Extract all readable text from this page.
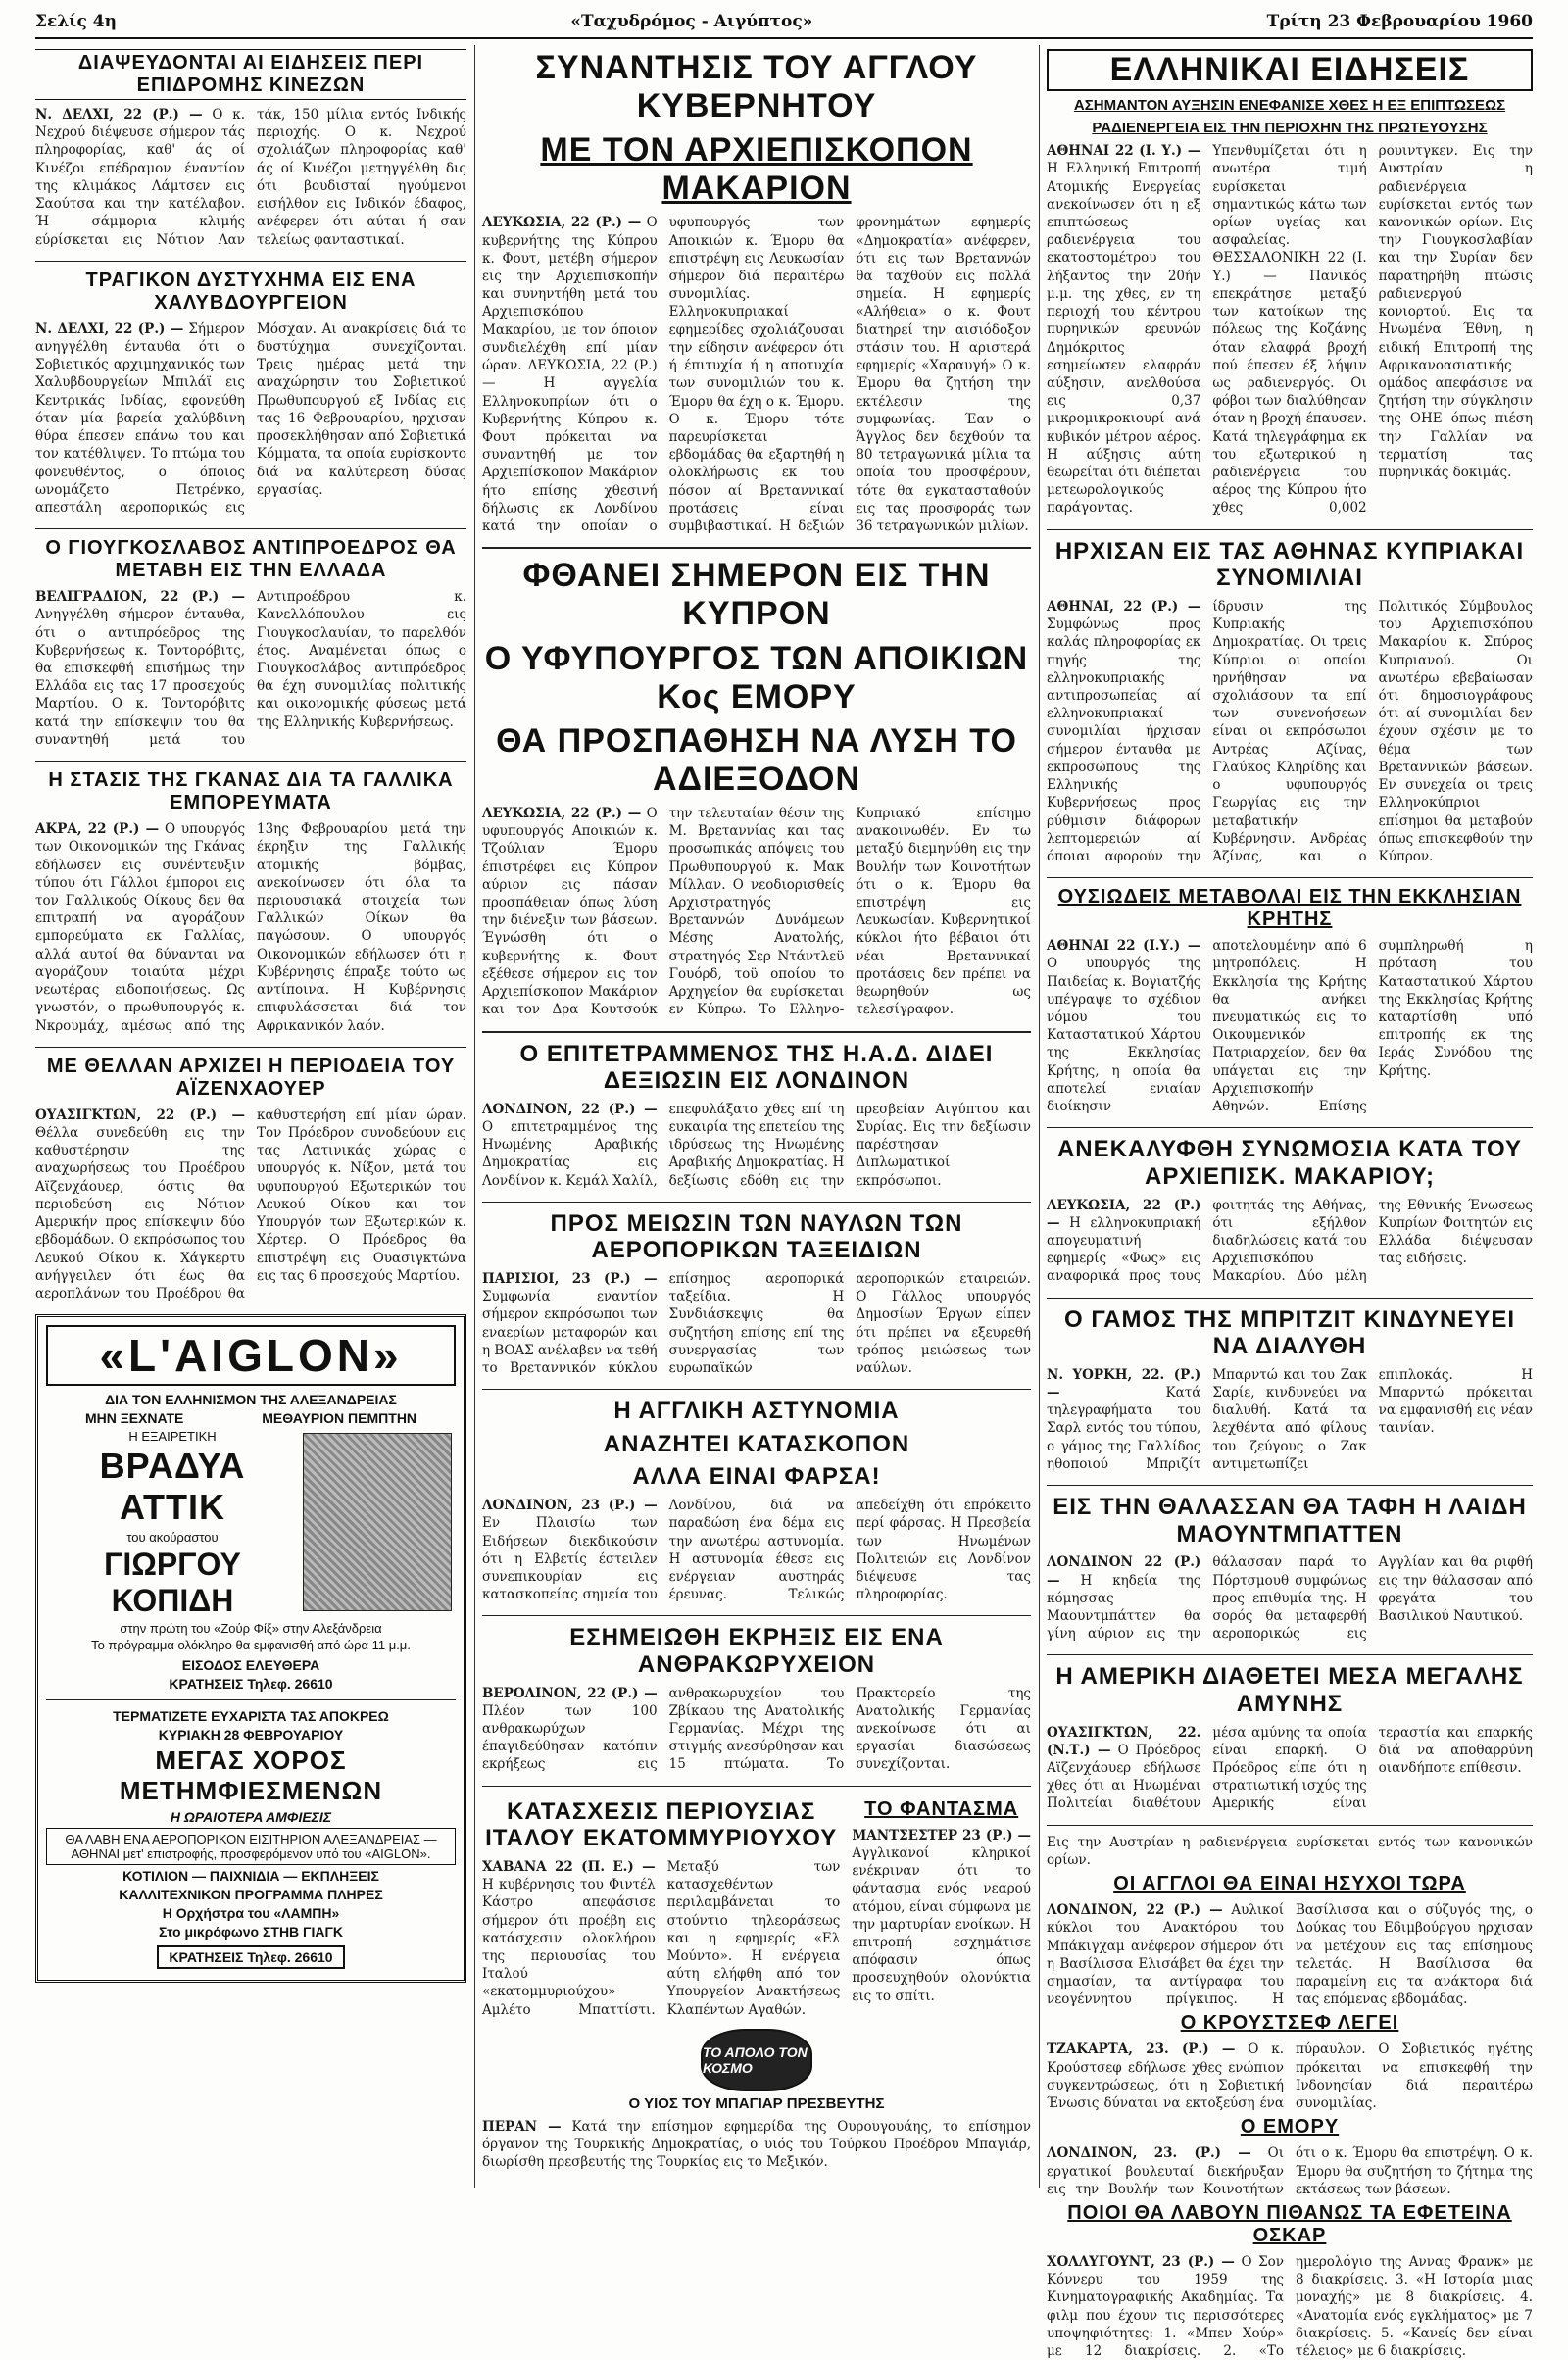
Σελίς 4η	«Ταχυδρόμος - Αιγύπτος»	Τρίτη 23 Φεβρουαρίου 1960
ΔΙΑΨΕΥΔΟΝΤΑΙ ΑΙ ΕΙΔΗΣΕΙΣ ΠΕΡΙ ΕΠΙΔΡΟΜΗΣ ΚΙΝΕΖΩΝ
Ν. ΔΕΛΧΙ, 22 (Ρ.) — Ο κ. Νεχρού διέψευσε σήμερον τάς πληροφορίας, καθ' άς οί Κινέζοι επέδραμον έναντίον της κλιμάκος Λάμτσεν εις Σαούτσα και την κατέλαβον. Ή σάμμορια κλιμής εύρίσκεται εις Νότιον Λαν τάκ, 150 μίλια εντός Ινδικής περιοχής. Ο κ. Νεχρού σχολιάζων πληροφορίας καθ' άς οί Κινέζοι μετηγγέλθη δις ότι βουδισταί ηγούμενοι εισήλθον εις Ινδικόν έδαφος, ανέφερεν ότι αύται ή σαν τελείως φανταστικαί.
ΤΡΑΓΙΚΟΝ ΔΥΣΤΥΧΗΜΑ ΕΙΣ ΕΝΑ ΧΑΛΥΒΔΟΥΡΓΕΙΟΝ
Ν. ΔΕΛΧΙ, 22 (Ρ.) — Σήμερον ανηγγέλθη ένταυθα ότι ο Σοβιετικός αρχιμηχανικός των Χαλυβδουργείων Μπιλάϊ εις Κεντρικάς Ινδίας, εφονεύθη όταν μία βαρεία χαλύβδινη θύρα έπεσεν επάνω του και τον κατέθλιψεν. Το πτώμα του φονευθέντος, ο όποιος ωνομάζετο Πετρένκο, απεστάλη αεροπορικώς εις Μόσχαν. Αι ανακρίσεις διά το δυστύχημα συνεχίζονται. Τρεις ημέρας μετά την αναχώρησιν του Σοβιετικού Πρωθυπουργού εξ Ινδίας εις τας 16 Φεβρουαρίου, ηρχισαν προσεκλήθησαν από Σοβιετικά Κόμματα, τα οποία ευρίσκοντο διά να καλύτερεση δύσας εργασίας.
Ο ΓΙΟΥΓΚΟΣΛΑΒΟΣ ΑΝΤΙΠΡΟΕΔΡΟΣ ΘΑ ΜΕΤΑΒΗ ΕΙΣ ΤΗΝ ΕΛΛΑΔΑ
ΒΕΛΙΓΡΑΔΙΟΝ, 22 (Ρ.) — Ανηγγέλθη σήμερον ένταυθα, ότι ο αντιπρόεδρος της Κυβερνήσεως κ. Τοντορόβιτς, θα επισκεφθή επισήμως την Ελλάδα εις τας 17 προσεχούς Μαρτίου. Ο κ. Τοντορόβιτς κατά την επίσκεψιν του θα συναντηθή μετά του Αντιπροέδρου κ. Κανελλόπουλου εις Γιουγκοσλαυίαν, το παρελθόν έτος. Αναμένεται όπως ο Γιουγκοσλάβος αντιπρόεδρος θα έχη συνομιλίας πολιτικής και οικονομικής φύσεως μετά της Ελληνικής Κυβερνήσεως.
Η ΣΤΑΣΙΣ ΤΗΣ ΓΚΑΝΑΣ ΔΙΑ ΤΑ ΓΑΛΛΙΚΑ ΕΜΠΟΡΕΥΜΑΤΑ
ΑΚΡΑ, 22 (Ρ.) — Ο υπουργός των Οικονομικών της Γκάνας εδήλωσεν εις συνέντευξιν τύπου ότι Γάλλοι έμποροι εις τον Γαλλικούς Οίκους δεν θα επιτραπή να αγοράζουν εμπορεύματα εκ Γαλλίας, αλλά αυτοί θα δύνανται να αγοράζουν τοιαύτα μέχρι νεωτέρας ειδοποιήσεως. Ως γνωστόν, ο πρωθυπουργός κ. Νκρουμάχ, αμέσως από της 13ης Φεβρουαρίου μετά την έκρηξιν της Γαλλικής ατομικής βόμβας, ανεκοίνωσεν ότι όλα τα περιουσιακά στοιχεία των Γαλλικών Οίκων θα παγώσουν. Ο υπουργός Οικονομικών εδήλωσεν ότι η Κυβέρνησις έπραξε τούτο ως αντίποινα. Η Κυβέρνησις επιφυλάσσεται διά τον Αφρικανικόν λαόν.
ΜΕ ΘΕΛΛΑΝ ΑΡΧΙΖΕΙ Η ΠΕΡΙΟΔΕΙΑ ΤΟΥ ΑΪΖΕΝΧΑΟΥΕΡ
ΟΥΑΣΙΓΚΤΩΝ, 22 (Ρ.) — Θέλλα συνεδεύθη εις την καθυστέρησιν της αναχωρήσεως του Προέδρου Αϊζενχάουερ, όστις θα περιοδεύση εις Νότιον Αμερικήν προς επίσκεψιν δύο εβδομάδων. Ο εκπρόσωπος του Λευκού Οίκου κ. Χάγκερτυ ανήγγειλεν ότι έως θα αεροπλάνων του Προέδρου θα καθυστερήση επί μίαν ώραν. Τον Πρόεδρον συνοδεύουν εις τας Λατινικάς χώρας ο υπουργός κ. Νίξον, μετά του υφυπουργού Εξωτερικών του Λευκού Οίκου και τον Υπουργόν των Εξωτερικών κ. Χέρτερ. Ο Πρόεδρος θα επιστρέψη εις Ουασιγκτώνα εις τας 6 προσεχούς Μαρτίου.
«L'AIGLON»
ΔΙΑ ΤΟΝ ΕΛΛΗΝΙΣΜΟΝ ΤΗΣ ΑΛΕΞΑΝΔΡΕΙΑΣ
ΜΗΝ ΞΕΧΝΑΤΕ	ΜΕΘΑΥΡΙΟΝ ΠΕΜΠΤΗΝ
Η ΕΞΑΙΡΕΤΙΚΗ
ΒΡΑΔΥΑ ΑΤΤΙΚ
του ακούραστου
ΓΙΩΡΓΟΥ ΚΟΠΙΔΗ
στην πρώτη του «Ζούρ Φίξ» στην Αλεξάνδρεια
Το πρόγραμμα ολόκληρο θα εμφανισθή από ώρα 11 μ.μ.
ΕΙΣΟΔΟΣ ΕΛΕΥΘΕΡΑ
ΚΡΑΤΗΣΕΙΣ Τηλεφ. 26610
ΤΕΡΜΑΤΙΖΕΤΕ ΕΥΧΑΡΙΣΤΑ ΤΑΣ ΑΠΟΚΡΕΩ
ΚΥΡΙΑΚΗ 28 ΦΕΒΡΟΥΑΡΙΟΥ
ΜΕΓΑΣ ΧΟΡΟΣ ΜΕΤΗΜΦΙΕΣΜΕΝΩΝ
Η ΩΡΑΙΟΤΕΡΑ ΑΜΦΙΕΣΙΣ
ΘΑ ΛΑΒΗ ΕΝΑ ΑΕΡΟΠΟΡΙΚΟΝ ΕΙΣΙΤΗΡΙΟΝ ΑΛΕΞΑΝΔΡΕΙΑΣ — ΑΘΗΝΑΙ μετ' επιστροφής, προσφερόμενον υπό του «AIGLON».
ΚΟΤΙΛΙΟΝ — ΠΑΙΧΝΙΔΙΑ — ΕΚΠΛΗΞΕΙΣ
ΚΑΛΛΙΤΕΧΝΙΚΟΝ ΠΡΟΓΡΑΜΜΑ ΠΛΗΡΕΣ
Η Ορχήστρα του «ΛΑΜΠΗ»
Στο μικρόφωνο ΣΤΗΒ ΓΙΑΓΚ
ΚΡΑΤΗΣΕΙΣ Τηλεφ. 26610
ΣΥΝΑΝΤΗΣΙΣ ΤΟΥ ΑΓΓΛΟΥ ΚΥΒΕΡΝΗΤΟΥ
ΜΕ ΤΟΝ ΑΡΧΙΕΠΙΣΚΟΠΟΝ ΜΑΚΑΡΙΟΝ
ΛΕΥΚΩΣΙΑ, 22 (Ρ.) — Ο κυβερνήτης της Κύπρου κ. Φουτ, μετέβη σήμερον εις την Αρχιεπισκοπήν και συνηντήθη μετά του Αρχιεπισκόπου Μακαρίου, με τον όποιον συνδιελέχθη επί μίαν ώραν. ΛΕΥΚΩΣΙΑ, 22 (Ρ.) — Η αγγελία Ελληνοκυπρίων ότι ο Κυβερνήτης Κύπρου κ. Φουτ πρόκειται να συναντηθή με τον Αρχιεπίσκοπον Μακάριον ήτο επίσης χθεσινή δήλωσις εκ Λονδίνου κατά την οποίαν ο υφυπουργός των Αποικιών κ. Έμορυ θα επιστρέψη εις Λευκωσίαν σήμερον διά περαιτέρω συνομιλίας. Ελληνοκυπριακαί εφημερίδες σχολιάζουσαι την είδησιν ανέφερον ότι ή έπιτυχία ή η αποτυχία των συνομιλιών του κ. Έμορυ θα έχη ο κ. Έμορυ. Ο κ. Έμορυ τότε παρευρίσκεται εβδομάδας θα εξαρτηθή η ολοκλήρωσις εκ του πόσον αί Βρεταννικαί προτάσεις είναι συμβιβαστικαί. Η δεξιών φρονημάτων εφημερίς «Δημοκρατία» ανέφερεν, ότι εις των Βρεταννών θα ταχθούν εις πολλά σημεία. Η εφημερίς «Αλήθεια» ο κ. Φουτ διατηρεί την αισιόδοξον στάσιν του. Η αριστερά εφημερίς «Χαραυγή» Ο κ. Έμορυ θα ζητήση την εκτέλεσιν της συμφωνίας. Έαν ο Άγγλος δεν δεχθούν τα 80 τετραγωνικά μίλια τα οποία του προσφέρουν, τότε θα εγκατασταθούν εις τας προσφοράς των 36 τετραγωνικών μιλίων.
ΦΘΑΝΕΙ ΣΗΜΕΡΟΝ ΕΙΣ ΤΗΝ ΚΥΠΡΟΝ
Ο ΥΦΥΠΟΥΡΓΟΣ ΤΩΝ ΑΠΟΙΚΙΩΝ Κος ΕΜΟΡΥ
ΘΑ ΠΡΟΣΠΑΘΗΣΗ ΝΑ ΛΥΣΗ ΤΟ ΑΔΙΕΞΟΔΟΝ
ΛΕΥΚΩΣΙΑ, 22 (Ρ.) — Ο υφυπουργός Αποικιών κ. Τζούλιαν Έμορυ έπιστρέφει εις Κύπρον αύριον εις πάσαν προσπάθειαν όπως λύση την διένεξιν των βάσεων. Έγνώσθη ότι ο κυβερνήτης κ. Φουτ εξέθεσε σήμερον εις τον Αρχιεπίσκοπον Μακάριον και τον Δρα Κουτσούκ την τελευταίαν θέσιν της Μ. Βρεταννίας και τας προσωπικάς απόψεις του Πρωθυπουργού κ. Μακ Μίλλαν. Ο νεοδιορισθείς Αρχιστρατηγός Βρεταννών Δυνάμεων Μέσης Ανατολής, στρατηγός Σερ Ντάντλεϋ Γουόρδ, τοϋ οποίου το Αρχηγείον θα ευρίσκεται εν Κύπρω. Το Ελληνο-Κυπριακό επίσημο ανακοινωθέν. Εν τω μεταξύ διεμηνύθη εις την Βουλήν των Κοινοτήτων ότι ο κ. Έμορυ θα επιστρέψη εις Λευκωσίαν. Κυβερνητικοί κύκλοι ήτο βέβαιοι ότι νέαι Βρεταννικαί προτάσεις δεν πρέπει να θεωρηθούν ως τελεσίγραφον.
Ο ΕΠΙΤΕΤΡΑΜΜΕΝΟΣ ΤΗΣ Η.Α.Δ. ΔΙΔΕΙ ΔΕΞΙΩΣΙΝ ΕΙΣ ΛΟΝΔΙΝΟΝ
ΛΟΝΔΙΝΟΝ, 22 (Ρ.) — Ο επιτετραμμένος της Ηνωμένης Αραβικής Δημοκρατίας εις Λονδίνον κ. Κεμάλ Χαλίλ, επεφυλάξατο χθες επί τη ευκαιρία της επετείου της ιδρύσεως της Ηνωμένης Αραβικής Δημοκρατίας. Η δεξίωσις εδόθη εις την πρεσβείαν Αιγύπτου και Συρίας. Εις την δεξίωσιν παρέστησαν Διπλωματικοί εκπρόσωποι.
ΠΡΟΣ ΜΕΙΩΣΙΝ ΤΩΝ ΝΑΥΛΩΝ ΤΩΝ ΑΕΡΟΠΟΡΙΚΩΝ ΤΑΞΕΙΔΙΩΝ
ΠΑΡΙΣΙΟΙ, 23 (Ρ.) — Συμφωνία εναντίον σήμερον εκπρόσωποι των εναερίων μεταφορών και η ΒΟΑΣ ανέλαβεν να τεθή το Βρεταννικόν κύκλου επίσημος αεροπορικά ταξείδια. Η Συνδιάσκεψις θα συζητήση επίσης επί της συνεργασίας των ευρωπαϊκών αεροπορικών εταιρειών. Ο Γάλλος υπουργός Δημοσίων Έργων είπεν ότι πρέπει να εξευρεθή τρόπος μειώσεως των ναύλων.
Η ΑΓΓΛΙΚΗ ΑΣΤΥΝΟΜΙΑ
ΑΝΑΖΗΤΕΙ ΚΑΤΑΣΚΟΠΟΝ
ΑΛΛΑ ΕΙΝΑΙ ΦΑΡΣΑ!
ΛΟΝΔΙΝΟΝ, 23 (Ρ.) — Εν Πλαισίω των Ειδήσεων διεκδικούσιν ότι η Ελβετίς έστειλεν συνεπικουρίαν εις κατασκοπείας σημεία του Λονδίνου, διά να παραδώση ένα δέμα εις την ανωτέρω αστυνομία. Η αστυνομία έθεσε εις ενέργειαν αυστηράς έρευνας. Τελικώς απεδείχθη ότι επρόκειτο περί φάρσας. Η Πρεσβεία των Ηνωμένων Πολιτειών εις Λονδίνον διέψευσε τας πληροφορίας.
ΕΣΗΜΕΙΩΘΗ ΕΚΡΗΞΙΣ ΕΙΣ ΕΝΑ ΑΝΘΡΑΚΩΡΥΧΕΙΟΝ
ΒΕΡΟΛΙΝΟΝ, 22 (Ρ.) — Πλέον των 100 ανθρακωρύχων έπαγιδεύθησαν κατόπιν εκρήξεως εις ανθρακωρυχείον του Ζβίκαου της Ανατολικής Γερμανίας. Μέχρι της στιγμής ανεσύρθησαν και 15 πτώματα. Το Πρακτορείο της Ανατολικής Γερμανίας ανεκοίνωσε ότι αι εργασίαι διασώσεως συνεχίζονται.
ΚΑΤΑΣΧΕΣΙΣ ΠΕΡΙΟΥΣΙΑΣ ΙΤΑΛΟΥ ΕΚΑΤΟΜΜΥΡΙΟΥΧΟΥ
ΧΑΒΑΝΑ 22 (Π. Ε.) — Η κυβέρνησις του Φιντέλ Κάστρο απεφάσισε σήμερον ότι προέβη εις κατάσχεσιν ολοκλήρου της περιουσίας του Ιταλού «εκατομμυριούχου» Αμλέτο Μπαττίστι. Μεταξύ των κατασχεθέντων περιλαμβάνεται το στούντιο τηλεοράσεως και η εφημερίς «Ελ Μούντο». Η ενέργεια αύτη ελήφθη από τον Υπουργείον Ανακτήσεως Κλαπέντων Αγαθών.
ΤΟ ΦΑΝΤΑΣΜΑ
ΜΑΝΤΣΕΣΤΕΡ 23 (Ρ.) — Αγγλικανοί κληρικοί ενέκριναν ότι το φάντασμα ενός νεαρού ατόμου, είναι σύμφωνα με την μαρτυρίαν ενοίκων. Η επιτροπή εσχημάτισε απόφασιν όπως προσευχηθούν ολονύκτια εις το σπίτι.
ΤΟ ΑΠΟΛΟ ΤΟΝ ΚΟΣΜΟ
Ο ΥΙΟΣ ΤΟΥ ΜΠΑΓΙΑΡ ΠΡΕΣΒΕΥΤΗΣ
ΠΕΡΑΝ — Κατά την επίσημον εφημερίδα της Ουρουγουάης, το επίσημον όργανον της Τουρκικής Δημοκρατίας, ο υιός του Τούρκου Προέδρου Μπαγιάρ, διωρίσθη πρεσβευτής της Τουρκίας εις το Μεξικόν.
ΕΛΛΗΝΙΚΑΙ ΕΙΔΗΣΕΙΣ
ΑΣΗΜΑΝΤΟΝ ΑΥΞΗΣΙΝ ΕΝΕΦΑΝΙΣΕ ΧΘΕΣ Η ΕΞ ΕΠΙΠΤΩΣΕΩΣ
ΡΑΔΙΕΝΕΡΓΕΙΑ ΕΙΣ ΤΗΝ ΠΕΡΙΟΧΗΝ ΤΗΣ ΠΡΩΤΕΥΟΥΣΗΣ
ΑΘΗΝΑΙ 22 (Ι. Υ.) — Η Ελληνική Επιτροπή Ατομικής Ενεργείας ανεκοίνωσεν ότι η εξ επιπτώσεως ραδιενέργεια του εκατοστομέτρου του λήξαντος την 20ήν μ.μ. της χθες, εν τη περιοχή του κέντρου πυρηνικών ερευνών Δημόκριτος εσημείωσεν ελαφράν αύξησιν, ανελθούσα εις 0,37 μικρομικροκιουρί ανά κυβικόν μέτρον αέρος. Η αύξησις αύτη θεωρείται ότι διέπεται μετεωρολογικούς παράγοντας. Υπενθυμίζεται ότι η ανωτέρα τιμή ευρίσκεται σημαντικώς κάτω των ορίων υγείας και ασφαλείας. ΘΕΣΣΑΛΟΝΙΚΗ 22 (Ι. Υ.) — Πανικός επεκράτησε μεταξύ των κατοίκων της πόλεως της Κοζάνης όταν ελαφρά βροχή πού έπεσεν έξ λήψιν ως ραδιενεργός. Οι φόβοι των διαλύθησαν όταν η βροχή έπαυσεν. Κατά τηλεγράφημα εκ του εξωτερικού η ραδιενέργεια του αέρος της Κύπρου ήτο χθες 0,002 ρουιντγκεν. Εις την Αυστρίαν η ραδιενέργεια ευρίσκεται εντός των κανονικών ορίων. Εις την Γιουγκοσλαβίαν και την Συρίαν δεν παρατηρήθη πτώσις ραδιενεργού κονιορτού. Εις τα Ηνωμένα Έθνη, η ειδική Επιτροπή της Αφρικανοασιατικής ομάδος απεφάσισε να ζητήση την σύγκλησιν της ΟΗΕ όπως πιέση την Γαλλίαν να τερματίση τας πυρηνικάς δοκιμάς.
ΗΡΧΙΣΑΝ ΕΙΣ ΤΑΣ ΑΘΗΝΑΣ ΚΥΠΡΙΑΚΑΙ ΣΥΝΟΜΙΛΙΑΙ
ΑΘΗΝΑΙ, 22 (Ρ.) — Συμφώνως προς καλάς πληροφορίας εκ πηγής της ελληνοκυπριακής αντιπροσωπείας αί ελληνοκυπριακαί συνομιλίαι ήρχισαν σήμερον ένταυθα με εκπροσώπους της Ελληνικής Κυβερνήσεως προς ρύθμισιν διάφορων λεπτομερειών αί όποιαι αφορούν την ίδρυσιν της Κυπριακής Δημοκρατίας. Οι τρεις Κύπριοι οι οποίοι ηρνήθησαν να σχολιάσουν τα επί των συνενοήσεων είναι οι εκπρόσωποι Αντρέας Αζίνας, Γλαύκος Κληρίδης και ο υφυπουργός Γεωργίας εις την μεταβατικήν Κυβέρνησιν. Ανδρέας Άζίνας, και ο Πολιτικός Σύμβουλος του Αρχιεπισκόπου Μακαρίου κ. Σπύρος Κυπριανού. Οι ανωτέρω εβεβαίωσαν ότι δημοσιογράφους ότι αί συνομιλίαι δεν έχουν σχέσιν με το θέμα των Βρεταννικών βάσεων. Εν συνεχεία οι τρεις Ελληνοκύπριοι επίσημοι θα μεταβούν όπως επισκεφθούν την Κύπρον.
ΟΥΣΙΩΔΕΙΣ ΜΕΤΑΒΟΛΑΙ ΕΙΣ ΤΗΝ ΕΚΚΛΗΣΙΑΝ ΚΡΗΤΗΣ
ΑΘΗΝΑΙ 22 (Ι.Υ.) — Ο υπουργός της Παιδείας κ. Βογιατζής υπέγραψε το σχέδιον νόμου του Καταστατικού Χάρτου της Εκκλησίας Κρήτης, η οποία θα αποτελεί ενιαίαν διοίκησιν αποτελουμένην από 6 μητροπόλεις. Η Εκκλησία της Κρήτης θα ανήκει πνευματικώς εις το Οικουμενικόν Πατριαρχείον, δεν θα υπάγεται εις την Αρχιεπισκοπήν Αθηνών. Επίσης συμπληρωθή η πρόταση του Καταστατικού Χάρτου της Εκκλησίας Κρήτης καταρτίσθη υπό επιτροπής εκ της Ιεράς Συνόδου της Κρήτης.
ΑΝΕΚΑΛΥΦΘΗ ΣΥΝΩΜΟΣΙΑ ΚΑΤΑ ΤΟΥ ΑΡΧΙΕΠΙΣΚ. ΜΑΚΑΡΙΟΥ;
ΛΕΥΚΩΣΙΑ, 22 (Ρ.) — Η ελληνοκυπριακή απογευματινή εφημερίς «Φως» εις αναφορικά προς τους φοιτητάς της Αθήνας, ότι εξήλθον διαδηλώσεις κατά του Αρχιεπισκόπου Μακαρίου. Δύο μέλη της Εθνικής Ένωσεως Κυπρίων Φοιτητών εις Ελλάδα διέψευσαν τας ειδήσεις.
Ο ΓΑΜΟΣ ΤΗΣ ΜΠΡΙΤΖΙΤ ΚΙΝΔΥΝΕΥΕΙ ΝΑ ΔΙΑΛΥΘΗ
Ν. ΥΟΡΚΗ, 22. (Ρ.) —	Κατά τηλεγραφήματα του Σαρλ εντός του τύπου, ο γάμος της Γαλλίδος ηθοποιού Μπριζίτ Μπαρντώ και του Ζακ Σαρίε, κινδυνεύει να διαλυθή. Κατά τα λεχθέντα από φίλους του ζεύγους ο Ζακ αντιμετωπίζει επιπλοκάς. Η Μπαρντώ πρόκειται να εμφανισθή εις νέαν ταινίαν.
ΕΙΣ ΤΗΝ ΘΑΛΑΣΣΑΝ ΘΑ ΤΑΦΗ Η ΛΑΙΔΗ ΜΑΟΥΝΤΜΠΑΤΤΕΝ
ΛΟΝΔΙΝΟΝ 22 (Ρ.) — Η κηδεία της κόμησσας Μαουντμπάττεν θα γίνη αύριον εις την θάλασσαν παρά το Πόρτσμουθ συμφώνως προς επιθυμία της. Η σορός θα μεταφερθή αεροπορικώς εις Αγγλίαν και θα ριφθή εις την θάλασσαν από φρεγάτα του Βασιλικού Ναυτικού.
Η ΑΜΕΡΙΚΗ ΔΙΑΘΕΤΕΙ ΜΕΣΑ ΜΕΓΑΛΗΣ ΑΜΥΝΗΣ
ΟΥΑΣΙΓΚΤΩΝ, 22. (Ν.Τ.) — Ο Πρόεδρος Αϊζενχάουερ εδήλωσε χθες ότι αι Ηνωμέναι Πολιτείαι διαθέτουν μέσα αμύνης τα οποία είναι επαρκή. Ο Πρόεδρος είπε ότι η στρατιωτική ισχύς της Αμερικής είναι τεραστία και επαρκής διά να αποθαρρύνη οιανδήποτε επίθεσιν.
Εις την Αυστρίαν η ραδιενέργεια ευρίσκεται εντός των κανονικών ορίων.
ΟΙ ΑΓΓΛΟΙ ΘΑ ΕΙΝΑΙ ΗΣΥΧΟΙ ΤΩΡΑ
ΛΟΝΔΙΝΟΝ, 22 (Ρ.) — Αυλικοί κύκλοι του Ανακτόρου του Μπάκιγχαμ ανέφερον σήμερον ότι η Βασίλισσα Ελισάβετ θα έχει την σημασίαν, τα αντίγραφα του νεογέννητου πρίγκιπος. Η Βασίλισσα και ο σύζυγός της, ο Δούκας του Εδιμβούργου ηρχισαν να μετέχουν εις τας επίσημους τελετάς. Η Βασίλισσα θα παραμείνη εις τα ανάκτορα διά τας επόμενας εβδομάδας.
Ο ΚΡΟΥΣΤΣΕΦ ΛΕΓΕΙ
ΤΖΑΚΑΡΤΑ, 23. (Ρ.) — Ο κ. Κρούστσεφ εδήλωσε χθες ενώπιον συγκεντρώσεως, ότι η Σοβιετική Ένωσις δύναται να εκτοξεύση ένα πύραυλον. Ο Σοβιετικός ηγέτης πρόκειται να επισκεφθή την Ινδονησίαν διά περαιτέρω συνομιλίας.
Ο ΕΜΟΡΥ
ΛΟΝΔΙΝΟΝ, 23. (Ρ.) — Οι εργατικοί βουλευταί διεκήρυξαν εις την Βουλήν των Κοινοτήτων ότι ο κ. Έμορυ θα επιστρέψη. Ο κ. Έμορυ θα συζητήση το ζήτημα της εκτάσεως των βάσεων.
ΠΟΙΟΙ ΘΑ ΛΑΒΟΥΝ ΠΙΘΑΝΩΣ ΤΑ ΕΦΕΤΕΙΝΑ ΟΣΚΑΡ
ΧΟΛΛΥΓΟΥΝΤ, 23 (Ρ.) — Ο Σον Κόννερυ του 1959 της Κινηματογραφικής Ακαδημίας. Τα φιλμ που έχουν τις περισσότερες υποψηφιότητες: 1. «Μπεν Χούρ» με 12 διακρίσεις. 2. «Το ημερολόγιο της Αννας Φρανκ» με 8 διακρίσεις. 3. «Η Ιστορία μιας μοναχής» με 8 διακρίσεις. 4. «Ανατομία ενός εγκλήματος» με 7 διακρίσεις. 5. «Κανείς δεν είναι τέλειος» με 6 διακρίσεις.
